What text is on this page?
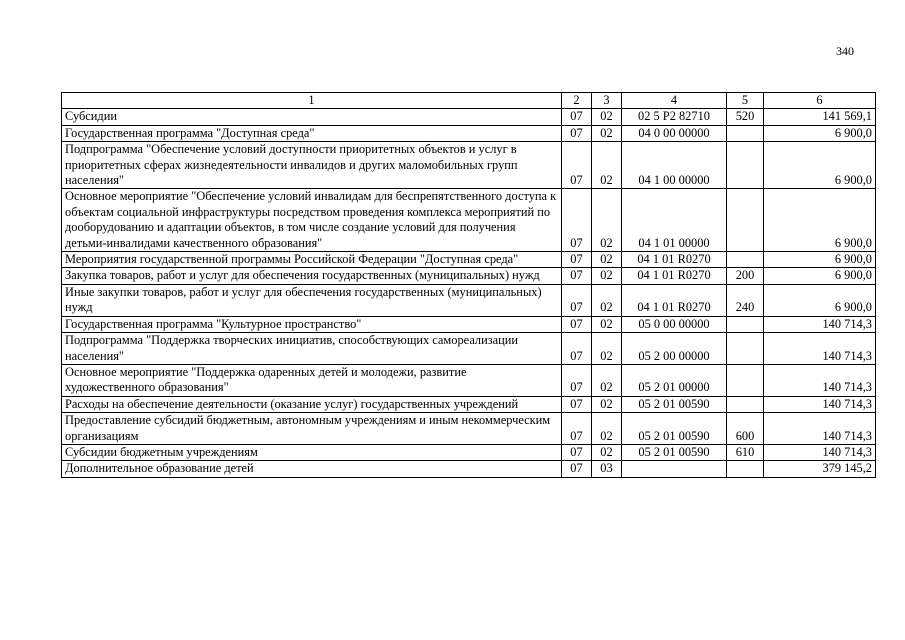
340
1	2	3	4	5	6
Субсидии	07	02	02 5 P2 82710	520	141 569,1
Государственная программа "Доступная среда"	07	02	04 0 00 00000		6 900,0
Подпрограмма "Обеспечение условий доступности приоритетных объектов и услуг в приоритетных сферах жизнедеятельности инвалидов и других маломобильных групп населения"	07	02	04 1 00 00000		6 900,0
Основное мероприятие "Обеспечение условий инвалидам для беспрепятственного доступа к объектам социальной инфраструктуры посредством проведения комплекса мероприятий по дооборудованию и адаптации объектов, в том числе создание условий для получения детьми-инвалидами качественного образования"	07	02	04 1 01 00000		6 900,0
Мероприятия государственной программы Российской Федерации "Доступная среда"	07	02	04 1 01 R0270		6 900,0
Закупка товаров, работ и услуг для обеспечения государственных (муниципальных) нужд	07	02	04 1 01 R0270	200	6 900,0
Иные закупки товаров, работ и услуг для обеспечения государственных (муниципальных) нужд	07	02	04 1 01 R0270	240	6 900,0
Государственная программа "Культурное пространство"	07	02	05 0 00 00000		140 714,3
Подпрограмма "Поддержка творческих инициатив, способствующих самореализации населения"	07	02	05 2 00 00000		140 714,3
Основное мероприятие "Поддержка одаренных детей и молодежи, развитие художественного образования"	07	02	05 2 01 00000		140 714,3
Расходы на обеспечение деятельности (оказание услуг) государственных учреждений	07	02	05 2 01 00590		140 714,3
Предоставление субсидий бюджетным, автономным учреждениям и иным некоммерческим организациям	07	02	05 2 01 00590	600	140 714,3
Субсидии бюджетным учреждениям	07	02	05 2 01 00590	610	140 714,3
Дополнительное образование детей	07	03			379 145,2
